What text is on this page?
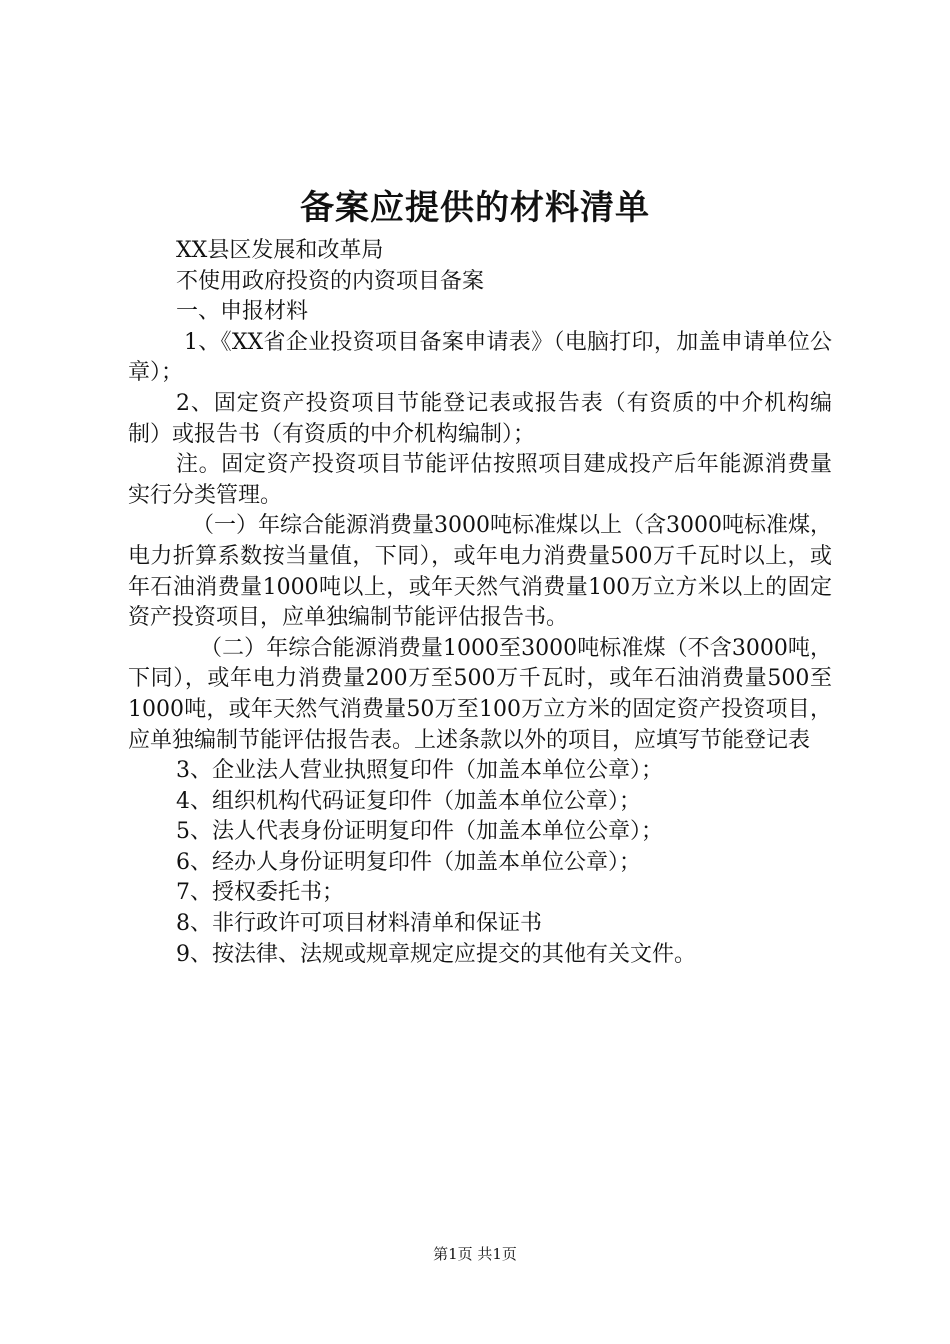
备案应提供的材料清单

XX县区发展和改革局

不使用政府投资的内资项目备案

一、申报材料

1、《XX省企业投资项目备案申请表》（电脑打印，加盖申请单位公章）；

2、固定资产投资项目节能登记表或报告表（有资质的中介机构编制）或报告书（有资质的中介机构编制）；

注。固定资产投资项目节能评估按照项目建成投产后年能源消费量实行分类管理。

（一）年综合能源消费量3000吨标准煤以上（含3000吨标准煤，电力折算系数按当量值，下同），或年电力消费量500万千瓦时以上，或年石油消费量1000吨以上，或年天然气消费量100万立方米以上的固定资产投资项目，应单独编制节能评估报告书。

（二）年综合能源消费量1000至3000吨标准煤（不含3000吨，下同），或年电力消费量200万至500万千瓦时，或年石油消费量500至1000吨，或年天然气消费量50万至100万立方米的固定资产投资项目，应单独编制节能评估报告表。上述条款以外的项目，应填写节能登记表

3、企业法人营业执照复印件（加盖本单位公章）；

4、组织机构代码证复印件（加盖本单位公章）；

5、法人代表身份证明复印件（加盖本单位公章）；

6、经办人身份证明复印件（加盖本单位公章）；

7、授权委托书；

8、非行政许可项目材料清单和保证书

9、按法律、法规或规章规定应提交的其他有关文件。

第1页 共1页
